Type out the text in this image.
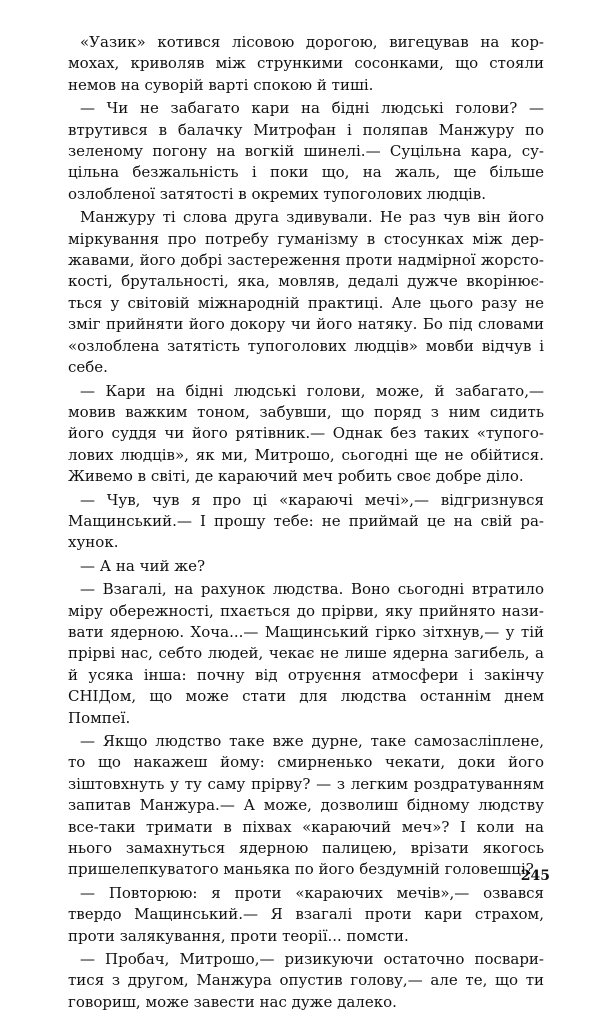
«Уазик» котився лісовою дорогою, вигецував на кормохах, криволяв між стрункими сосонками, що стояли немов на суворій варті спокою й тиші.

— Чи не забагато кари на бідні людські голови? — втрутився в балачку Митрофан і поляпав Манжуру по зеленому погону на вогкій шинелі.— Суцільна кара, суцільна безжальність і поки що, на жаль, ще більше озлобленої затятості в окремих тупоголових людців.

Манжуру ті слова друга здивували. Не раз чув він його міркування про потребу гуманізму в стосунках між державами, його добрі застереження проти надмірної жорстокості, брутальності, яка, мовляв, дедалі дужче вкорінюється у світовій міжнародній практиці. Але цього разу не зміг прийняти його докору чи його натяку. Бо під словами «озлоблена затятість тупоголових людців» мовби відчув і себе.

— Кари на бідні людські голови, може, й забагато,— мовив важким тоном, забувши, що поряд з ним сидить його суддя чи його рятівник.— Однак без таких «тупоголових людців», як ми, Митрошо, сьогодні ще не обійтися. Живемо в світі, де караючий меч робить своє добре діло.

— Чув, чув я про ці «караючі мечі»,— відгризнувся Мащинський.— І прошу тебе: не приймай це на свій рахунок.

— А на чий же?

— Взагалі, на рахунок людства. Воно сьогодні втратило міру обережності, пхається до прірви, яку прийнято називати ядерною. Хоча...— Мащинський гірко зітхнув,— у тій прірві нас, себто людей, чекає не лише ядерна загибель, а й усяка інша: почну від отруєння атмосфери і закінчу СНІДом, що може стати для людства останнім днем Помпеї.

— Якщо людство таке вже дурне, таке самозасліплене, то що накажеш йому: смирненько чекати, доки його зіштовхнуть у ту саму прірву? — з легким роздратуванням запитав Манжура.— А може, дозволиш бідному людству все-таки тримати в піхвах «караючий меч»? І коли на нього замахнуться ядерною палицею, врізати якогось пришелепкуватого маньяка по його бездумній головешці?

— Повторюю: я проти «караючих мечів»,— озвався твердо Мащинський.— Я взагалі проти кари страхом, проти залякування, проти теорії... помсти.

— Пробач, Митрошо,— ризикуючи остаточно посваритися з другом, Манжура опустив голову,— але те, що ти говориш, може завести нас дуже далеко.

245
